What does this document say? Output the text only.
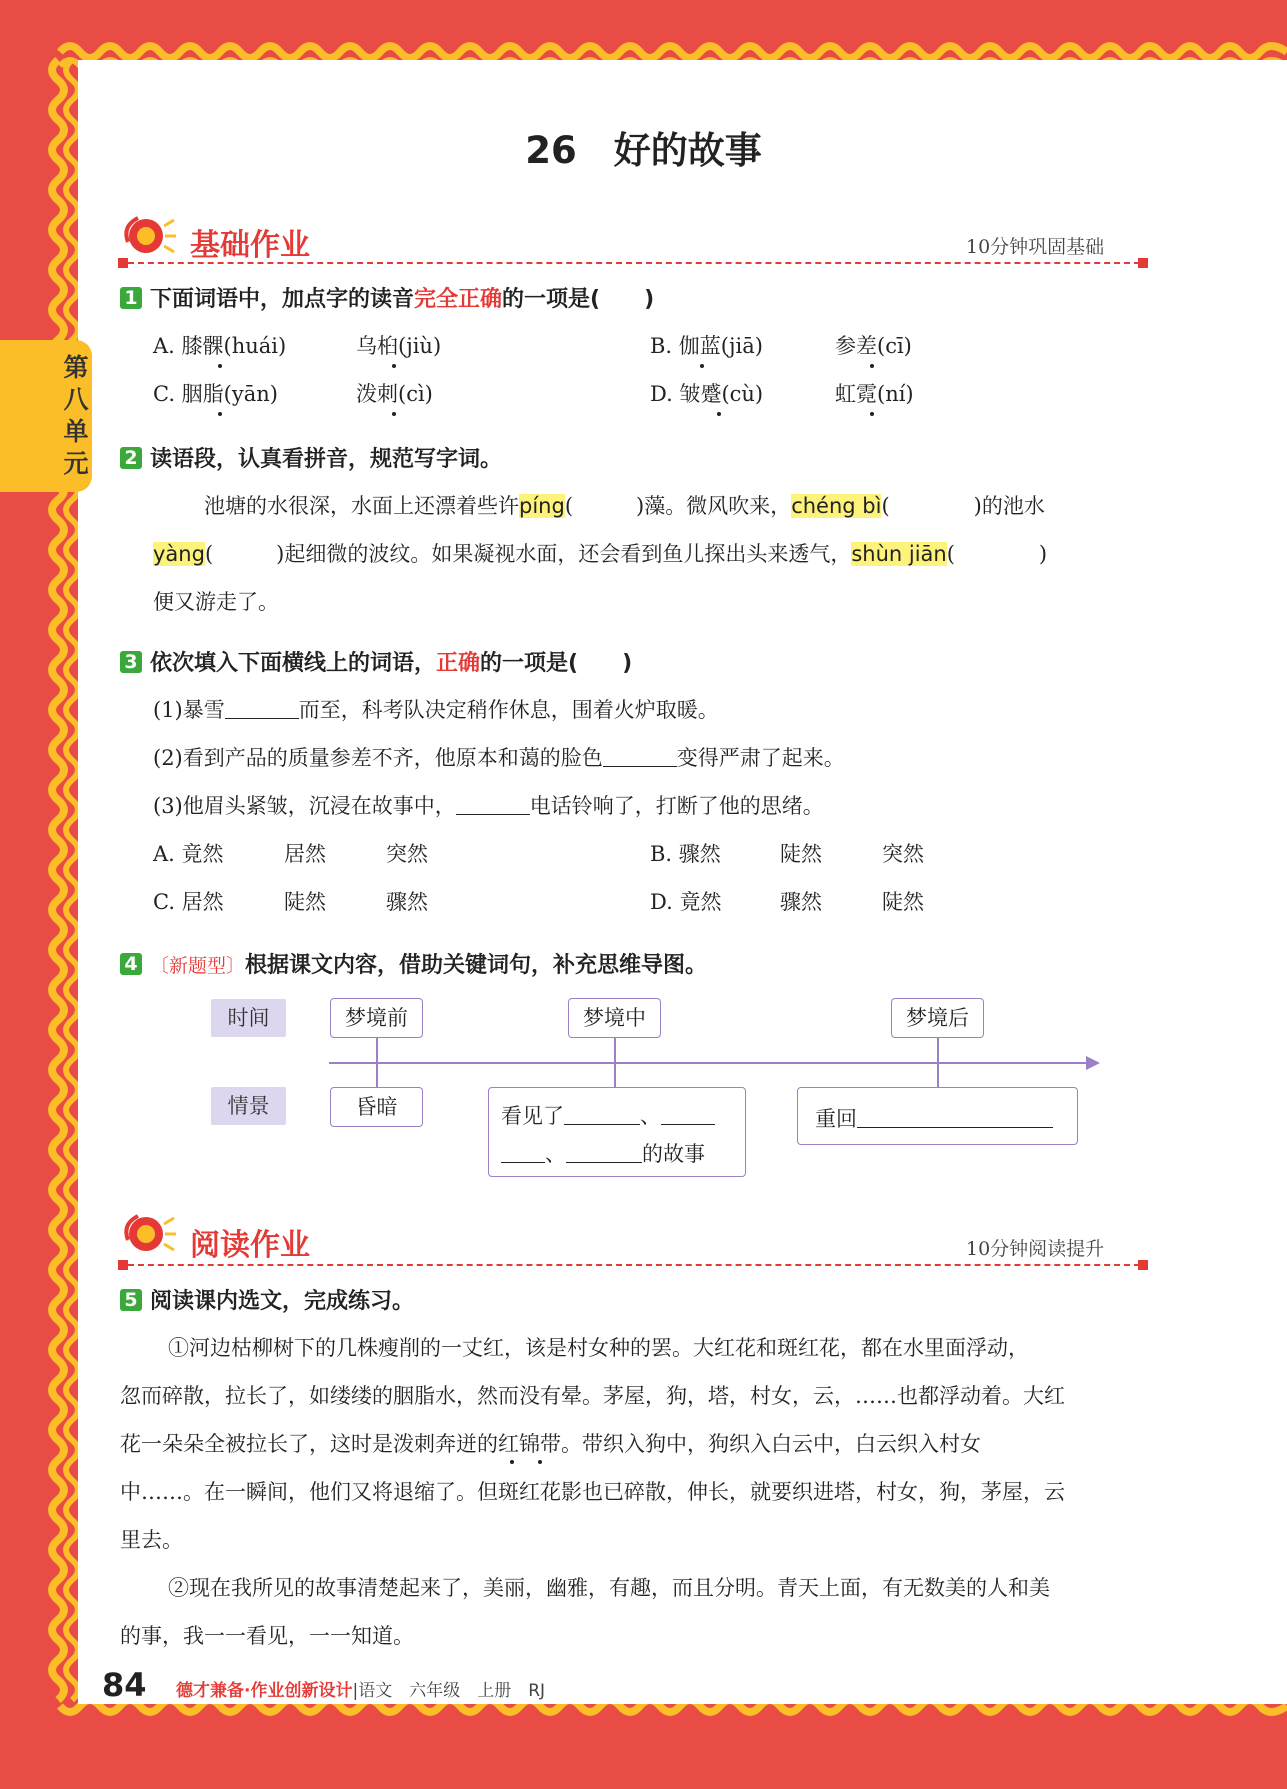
第八单元
26　好的故事
基础作业	10分钟巩固基础
1 下面词语中，加点字的读音完全正确的一项是(　　)
A. 膝髁(huái)	乌桕(jiù)	B. 伽蓝(jiā)	参差(cī)
C. 胭脂(yān)	泼刺(cì)	D. 皱蹙(cù)	虹霓(ní)
2 读语段，认真看拼音，规范写字词。
池塘的水很深，水面上还漂着些许píng(　　　)藻。微风吹来，chéng bì(　　　　)的池水
yàng(　　　)起细微的波纹。如果凝视水面，还会看到鱼儿探出头来透气，shùn jiān(　　　　)
便又游走了。
3 依次填入下面横线上的词语，正确的一项是(　　)
(1)暴雪	而至，科考队决定稍作休息，围着火炉取暖。
(2)看到产品的质量参差不齐，他原本和蔼的脸色	变得严肃了起来。
(3)他眉头紧皱，沉浸在故事中，	电话铃响了，打断了他的思绪。
A. 竟然	居然	突然	B. 骤然	陡然	突然
C. 居然	陡然	骤然	D. 竟然	骤然	陡然
4 〔新题型〕根据课文内容，借助关键词句，补充思维导图。
时间
情景
梦境前	梦境中	梦境后
昏暗	看见了	、
、	的故事
重回
阅读作业	10分钟阅读提升
5 阅读课内选文，完成练习。
①河边枯柳树下的几株瘦削的一丈红，该是村女种的罢。大红花和斑红花，都在水里面浮动，
忽而碎散，拉长了，如缕缕的胭脂水，然而没有晕。茅屋，狗，塔，村女，云，……也都浮动着。大红
花一朵朵全被拉长了，这时是泼刺奔迸的红锦带。带织入狗中，狗织入白云中，白云织入村女
中……。在一瞬间，他们又将退缩了。但斑红花影也已碎散，伸长，就要织进塔，村女，狗，茅屋，云
里去。
②现在我所见的故事清楚起来了，美丽，幽雅，有趣，而且分明。青天上面，有无数美的人和美
的事，我一一看见，一一知道。
84 德才兼备·作业创新设计|语文　六年级　上册　RJ
